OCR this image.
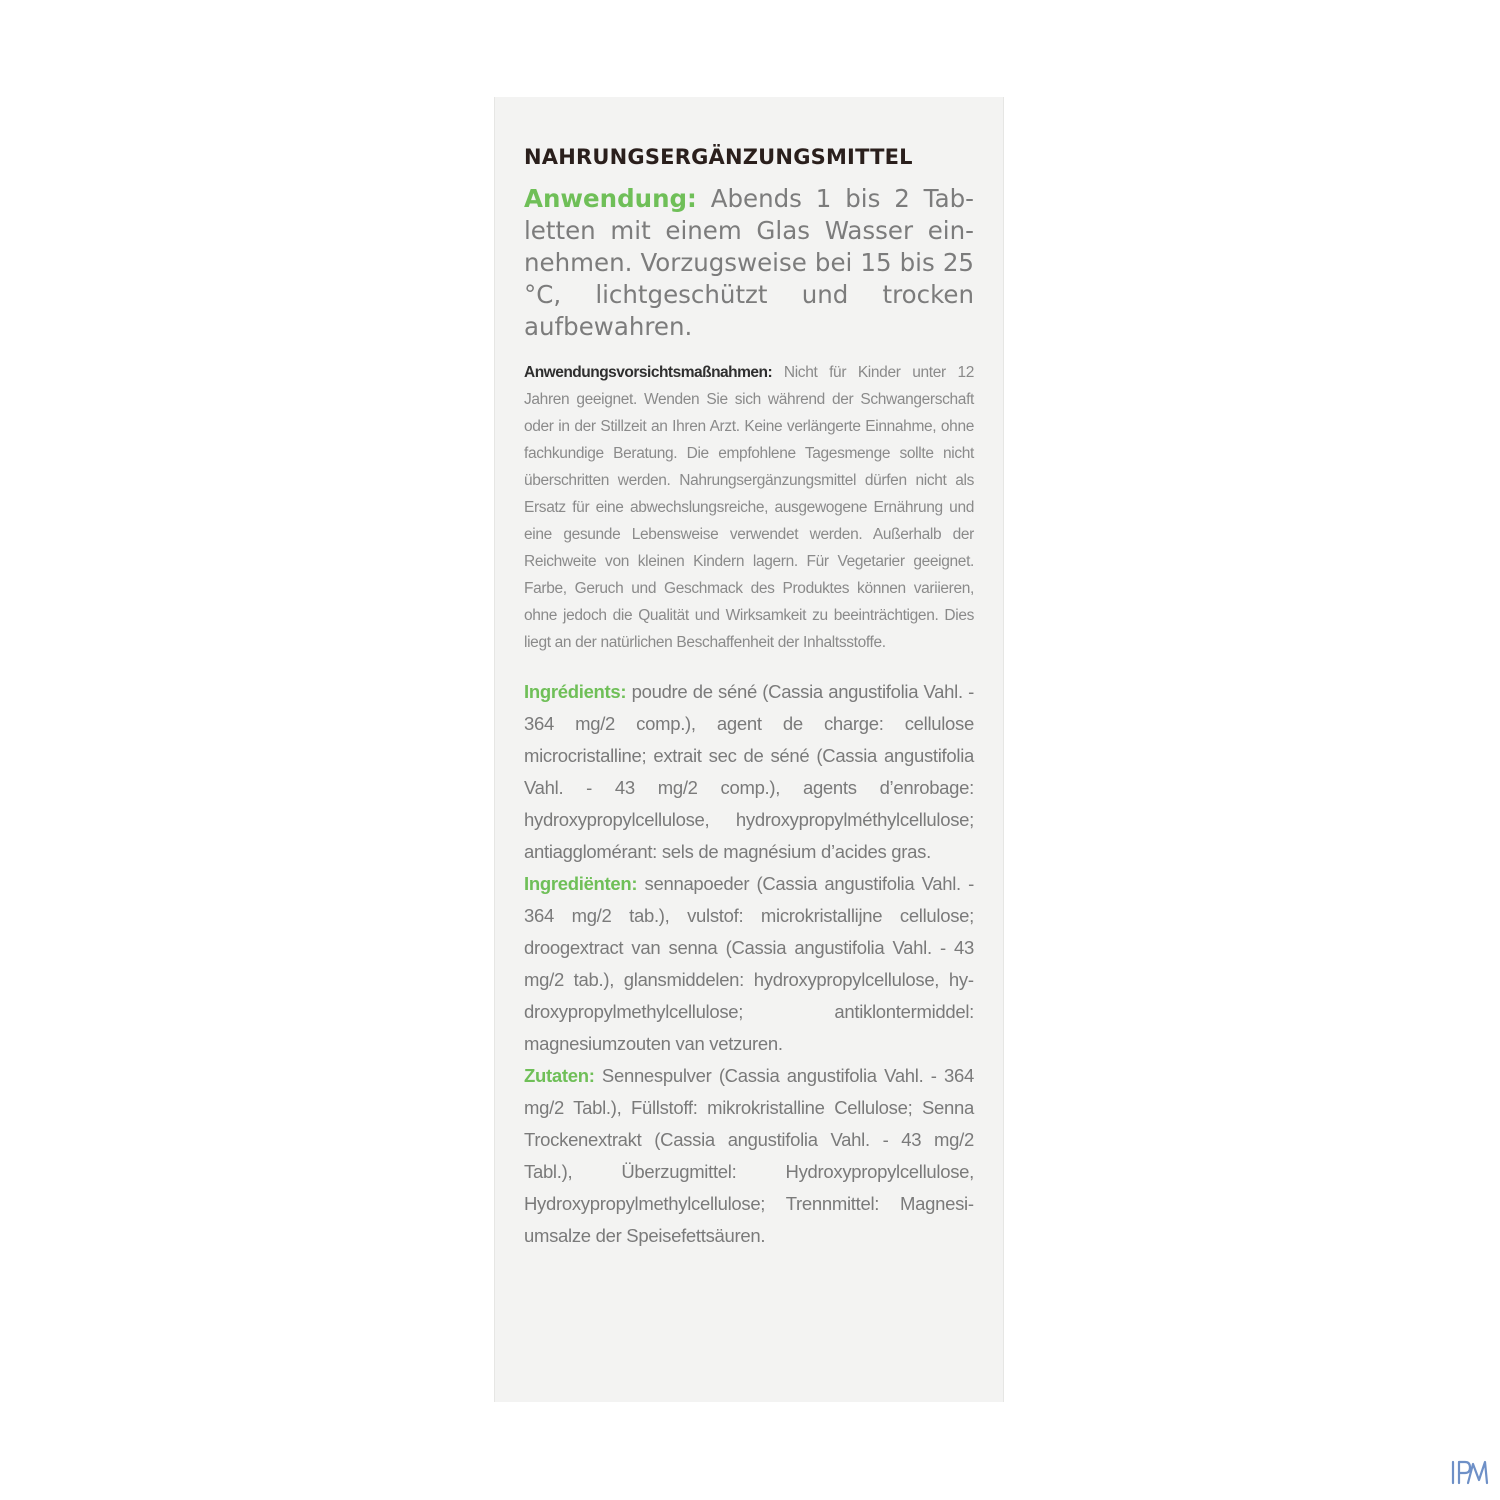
NAHRUNGSERGÄNZUNGSMITTEL

Anwendung: Abends 1 bis 2 Tabletten mit einem Glas Wasser einnehmen. Vorzugsweise bei 15 bis 25 °C, lichtgeschützt und trocken aufbewahren.

Anwendungsvorsichtsmaßnahmen: Nicht für Kinder unter 12 Jahren geeignet. Wenden Sie sich während der Schwangerschaft oder in der Stillzeit an Ihren Arzt. Keine verlängerte Einnahme, ohne fachkundige Beratung. Die empfohlene Tagesmenge sollte nicht überschritten werden. Nahrungsergänzungsmittel dürfen nicht als Ersatz für eine abwechslungsreiche, ausgewogene Ernährung und eine gesunde Lebensweise verwendet werden. Außerhalb der Reichweite von kleinen Kindern lagern. Für Vegetarier geeignet. Farbe, Geruch und Geschmack des Produktes können variieren, ohne jedoch die Qualität und Wirksamkeit zu beeinträchtigen. Dies liegt an der natürlichen Beschaffenheit der Inhaltsstoffe.

Ingrédients: poudre de séné (Cassia angustifolia Vahl. - 364 mg/2 comp.), agent de charge: cellulose microcristalline; extrait sec de séné (Cassia angustifolia Vahl. - 43 mg/2 comp.), agents d’enrobage: hydroxypropylcellulose, hydroxypropylméthylcellulose; antiagglomérant: sels de magnésium d’acides gras.

Ingrediënten: sennapoeder (Cassia angustifolia Vahl. - 364 mg/2 tab.), vulstof: microkristallijne cellulose; droogextract van senna (Cassia angustifolia Vahl. - 43 mg/2 tab.), glansmiddelen: hydroxypropylcellulose, hydroxypropylmethylcellulose; antiklontermiddel: magnesiumzouten van vetzuren.

Zutaten: Sennespulver (Cassia angustifolia Vahl. - 364 mg/2 Tabl.), Füllstoff: mikrokristalline Cellulose; Senna Trockenextrakt (Cassia angustifolia Vahl. - 43 mg/2 Tabl.), Überzugmittel: Hydroxypropylcellulose, Hydroxypropylmethylcellulose; Trennmittel: Magnesiumsalze der Speisefettsäuren.
